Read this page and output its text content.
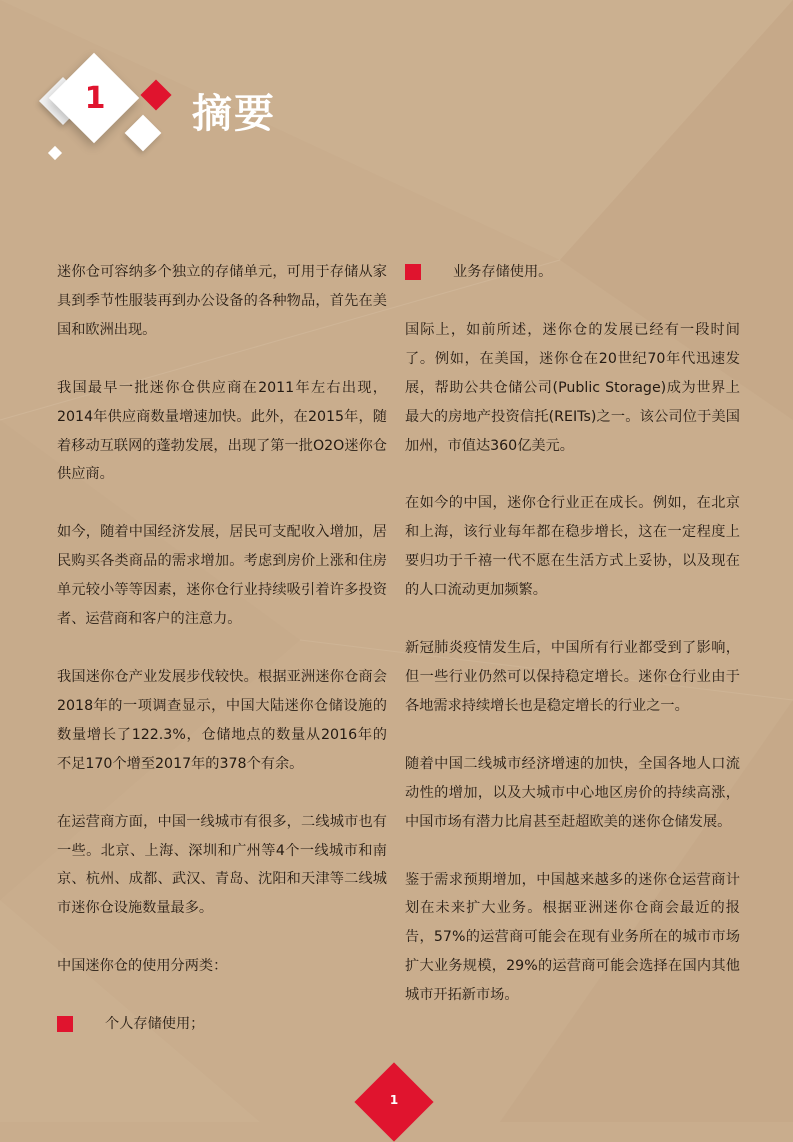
1 摘要

迷你仓可容纳多个独立的存储单元，可用于存储从家具到季节性服装再到办公设备的各种物品，首先在美国和欧洲出现。

我国最早一批迷你仓供应商在2011年左右出现，2014年供应商数量增速加快。此外，在2015年，随着移动互联网的蓬勃发展，出现了第一批O2O迷你仓供应商。

如今，随着中国经济发展，居民可支配收入增加，居民购买各类商品的需求增加。考虑到房价上涨和住房单元较小等等因素，迷你仓行业持续吸引着许多投资者、运营商和客户的注意力。

我国迷你仓产业发展步伐较快。根据亚洲迷你仓商会2018年的一项调查显示，中国大陆迷你仓储设施的数量增长了122.3%，仓储地点的数量从2016年的不足170个增至2017年的378个有余。

在运营商方面，中国一线城市有很多，二线城市也有一些。北京、上海、深圳和广州等4个一线城市和南京、杭州、成都、武汉、青岛、沈阳和天津等二线城市迷你仓设施数量最多。

中国迷你仓的使用分两类：

个人存储使用；
业务存储使用。

国际上，如前所述，迷你仓的发展已经有一段时间了。例如，在美国，迷你仓在20世纪70年代迅速发展，帮助公共仓储公司(Public Storage)成为世界上最大的房地产投资信托(REITs)之一。该公司位于美国加州，市值达360亿美元。

在如今的中国，迷你仓行业正在成长。例如，在北京和上海，该行业每年都在稳步增长，这在一定程度上要归功于千禧一代不愿在生活方式上妥协，以及现在的人口流动更加频繁。

新冠肺炎疫情发生后，中国所有行业都受到了影响，但一些行业仍然可以保持稳定增长。迷你仓行业由于各地需求持续增长也是稳定增长的行业之一。

随着中国二线城市经济增速的加快，全国各地人口流动性的增加，以及大城市中心地区房价的持续高涨，中国市场有潜力比肩甚至赶超欧美的迷你仓储发展。

鉴于需求预期增加，中国越来越多的迷你仓运营商计划在未来扩大业务。根据亚洲迷你仓商会最近的报告，57%的运营商可能会在现有业务所在的城市市场扩大业务规模，29%的运营商可能会选择在国内其他城市开拓新市场。

1
